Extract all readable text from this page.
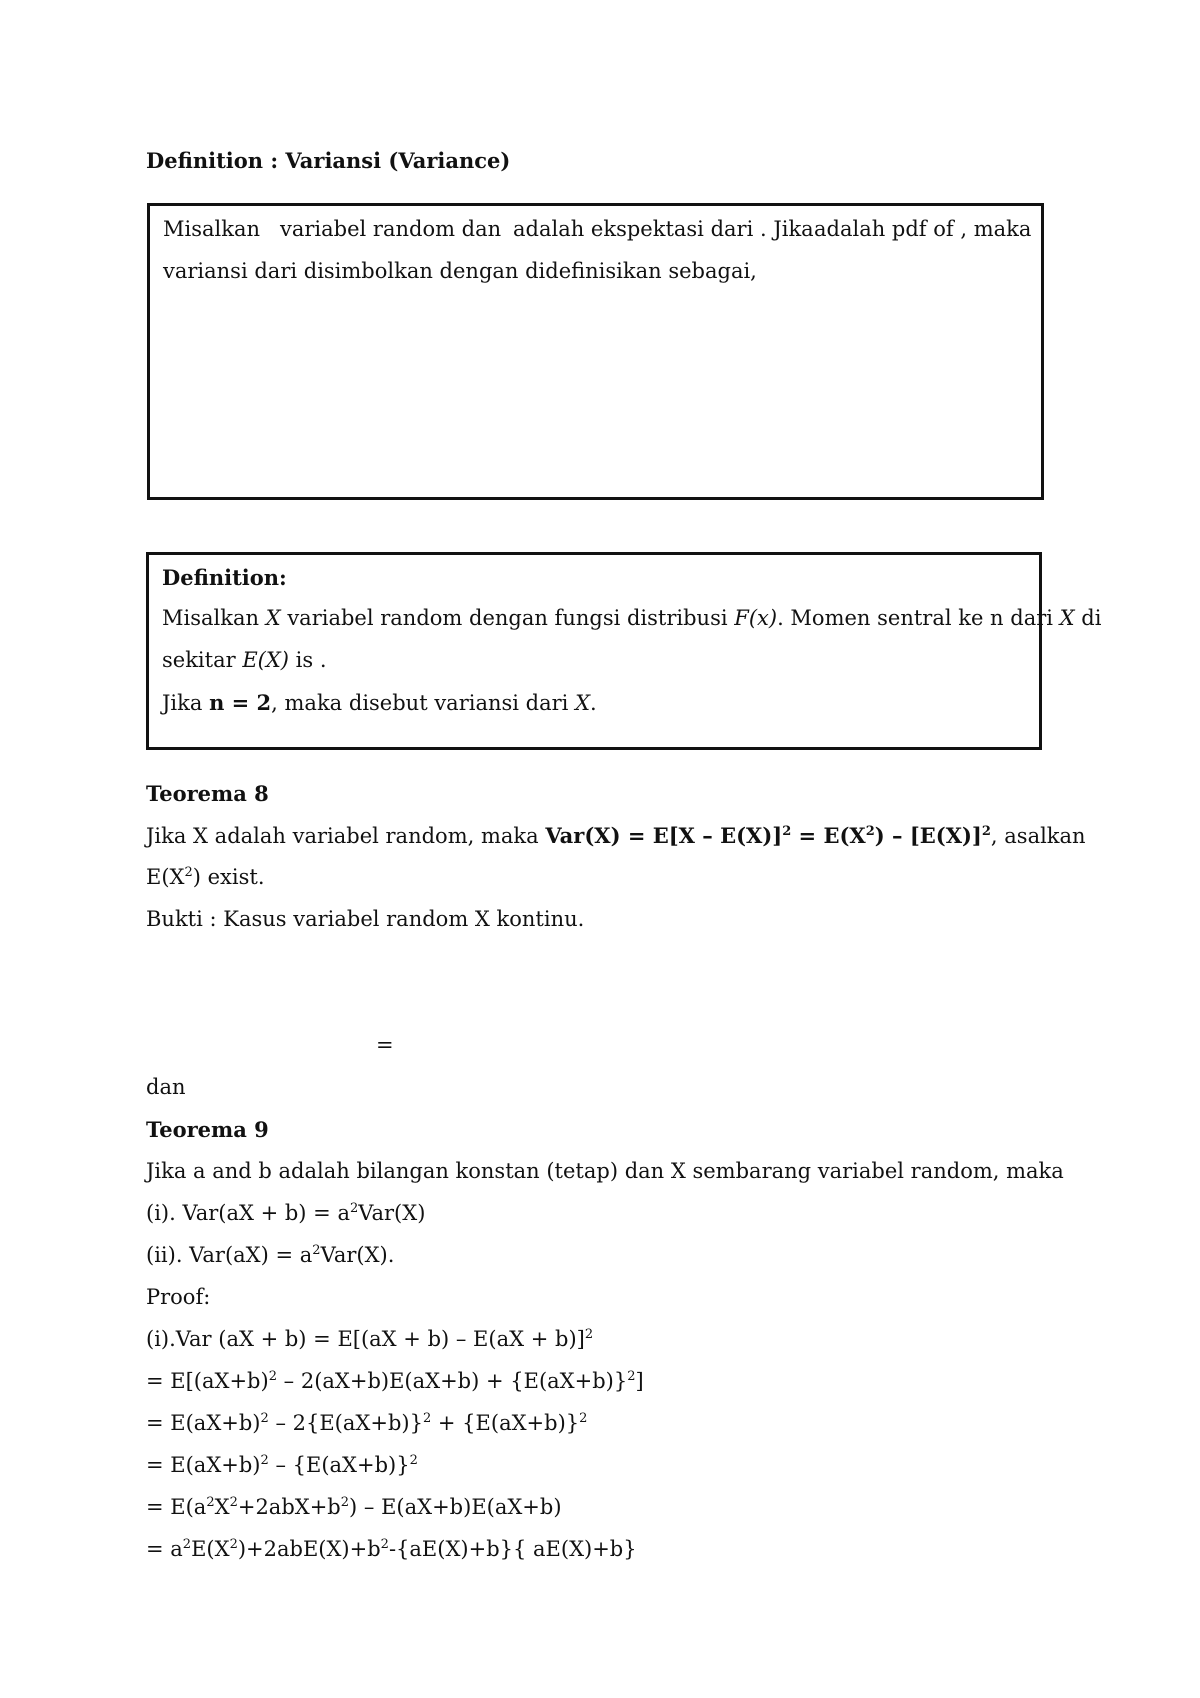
Definition : Variansi (Variance)
Misalkan variabel random dan adalah ekspektasi dari . Jika adalah pdf of , maka
variansi dari disimbolkan dengan didefinisikan sebagai,
Definition:
Misalkan X variabel random dengan fungsi distribusi F(x). Momen sentral ke n dari X di
sekitar E(X) is .
Jika n = 2, maka disebut variansi dari X.
Teorema 8
Jika X adalah variabel random, maka $Var(X) = E[X - E(X)]^2 = E(X^2) - [E(X)]^2$, asalkan
$E(X^2)$ exist.
Bukti : Kasus variabel random X kontinu.
=
dan
Teorema 9
Jika a and b adalah bilangan konstan (tetap) dan X sembarang variabel random, maka
(i). $Var(aX + b) = a^2Var(X)$
(ii). $Var(aX) = a^2Var(X)$.
Proof:
(i).Var $(aX + b) = E[(aX + b) - E(aX + b)]^2$
= $E[(aX+b)^2 - 2(aX+b)E(aX+b) + \{E(aX+b)\}^2]$
= $E(aX+b)^2 - 2\{E(aX+b)\}^2 + \{E(aX+b)\}^2$
= $E(aX+b)^2 - \{E(aX+b)\}^2$
= $E(a^2X^2+2abX+b^2) - E(aX+b)E(aX+b)$
= $a^2E(X^2)+2abE(X)+b^2-\{aE(X)+b\}${ aE(X)+b}
